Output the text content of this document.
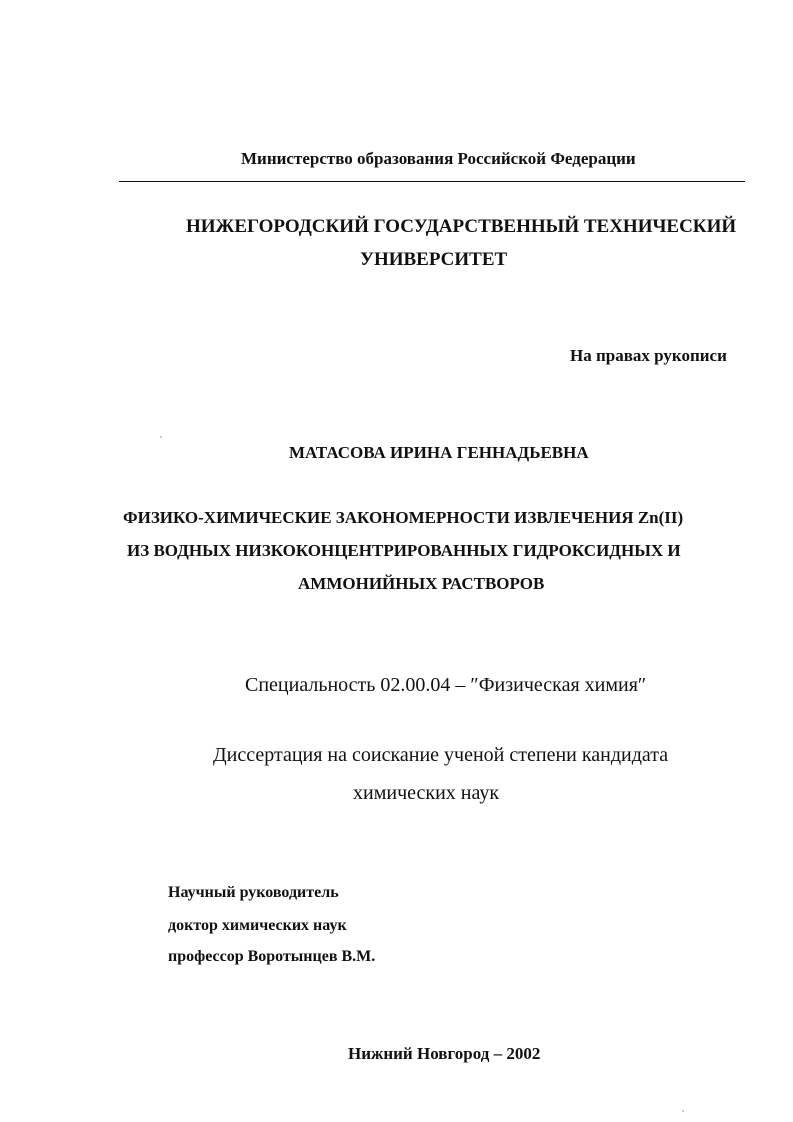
Министерство образования Российской Федерации
НИЖЕГОРОДСКИЙ ГОСУДАРСТВЕННЫЙ ТЕХНИЧЕСКИЙ
УНИВЕРСИТЕТ
На правах рукописи
МАТАСОВА ИРИНА ГЕННАДЬЕВНА
ФИЗИКО-ХИМИЧЕСКИЕ ЗАКОНОМЕРНОСТИ ИЗВЛЕЧЕНИЯ Zn(II)
ИЗ ВОДНЫХ НИЗКОКОНЦЕНТРИРОВАННЫХ ГИДРОКСИДНЫХ И
АММОНИЙНЫХ РАСТВОРОВ
Специальность 02.00.04 – ″Физическая химия″
Диссертация на соискание ученой степени кандидата
химических наук
Научный руководитель
доктор химических наук
профессор Воротынцев В.М.
Нижний Новгород – 2002
